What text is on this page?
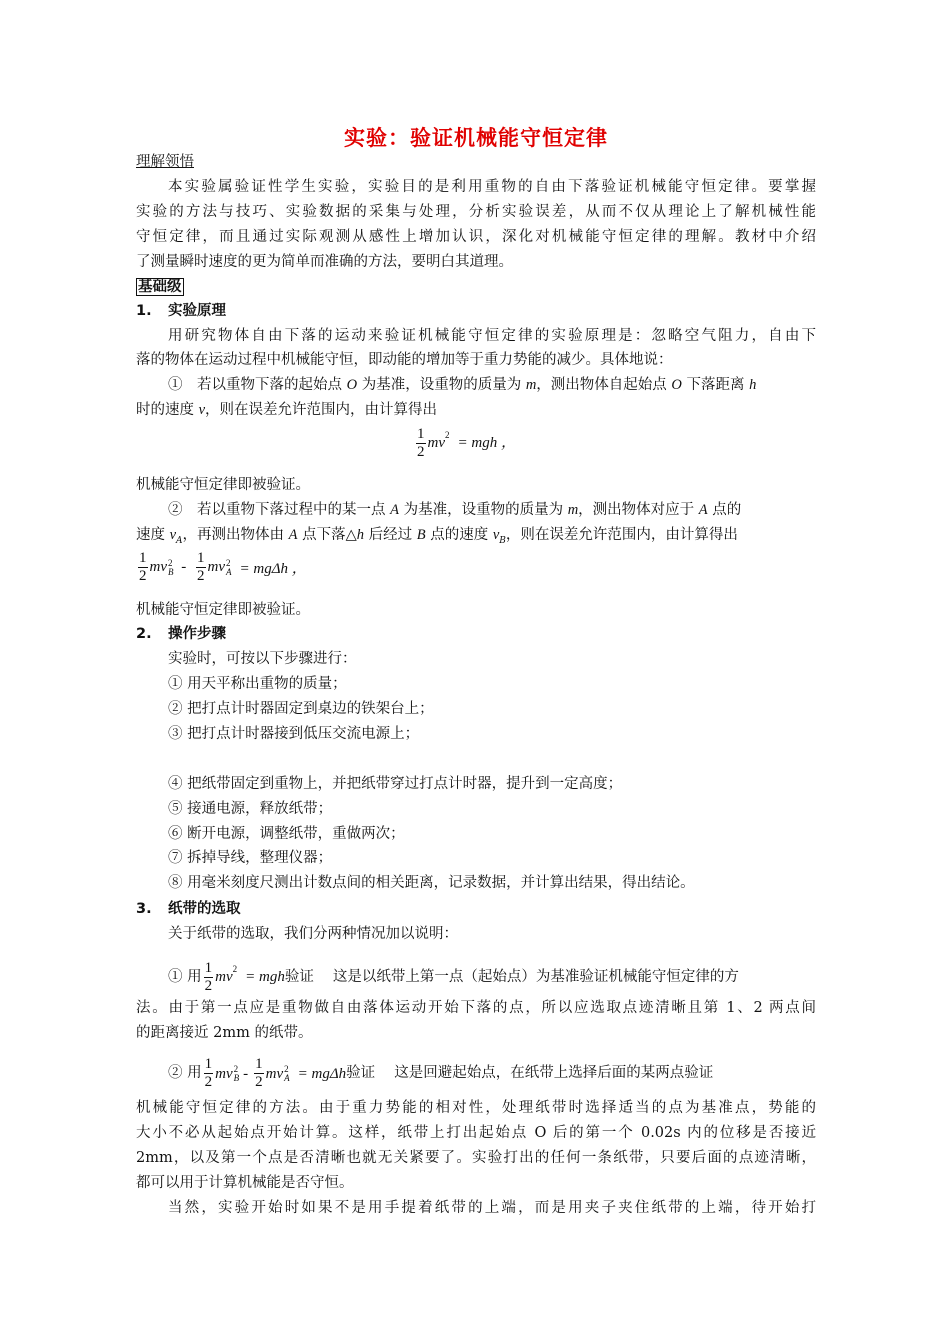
实验：验证机械能守恒定律
理解领悟
本实验属验证性学生实验，实验目的是利用重物的自由下落验证机械能守恒定律。要掌握
实验的方法与技巧、实验数据的采集与处理，分析实验误差，从而不仅从理论上了解机械性能
守恒定律，而且通过实际观测从感性上增加认识，深化对机械能守恒定律的理解。教材中介绍
了测量瞬时速度的更为简单而准确的方法，要明白其道理。
基础级
1. 实验原理
用研究物体自由下落的运动来验证机械能守恒定律的实验原理是：忽略空气阻力，自由下
落的物体在运动过程中机械能守恒，即动能的增加等于重力势能的减少。具体地说：
①　若以重物下落的起始点 O 为基准，设重物的质量为 m，测出物体自起始点 O 下落距离 h
时的速度 v，则在误差允许范围内，由计算得出
$\frac{1}{2} mv^2$ = mgh ，
机械能守恒定律即被验证。
②　若以重物下落过程中的某一点 A 为基准，设重物的质量为 m，测出物体对应于 A 点的
速度 $v_A$，再测出物体由 A 点下落△h 后经过 B 点的速度 $v_B$，则在误差允许范围内，由计算得出
$\frac{1}{2}$ mv 2
B - $\frac{1}{2}$ mv 2
A = mgΔh ，
机械能守恒定律即被验证。
2. 操作步骤
实验时，可按以下步骤进行：
① 用天平称出重物的质量；
② 把打点计时器固定到桌边的铁架台上；
③ 把打点计时器接到低压交流电源上；
④ 把纸带固定到重物上，并把纸带穿过打点计时器，提升到一定高度；
⑤ 接通电源，释放纸带；
⑥ 断开电源，调整纸带，重做两次；
⑦ 拆掉导线，整理仪器；
⑧ 用毫米刻度尺测出计数点间的相关距离，记录数据，并计算出结果，得出结论。
3. 纸带的选取
关于纸带的选取，我们分两种情况加以说明：
① 用 $\frac{1}{2} mv^2$ = mgh验证　 这是以纸带上第一点（起始点）为基准验证机械能守恒定律的方
法。由于第一点应是重物做自由落体运动开始下落的点，所以应选取点迹清晰且第 1、2 两点间
的距离接近 2mm 的纸带。
② 用 $\frac{1}{2}$ mv 2
B - $\frac{1}{2}$ mv 2
A = mgΔh验证　 这是回避起始点，在纸带上选择后面的某两点验证
机械能守恒定律的方法。由于重力势能的相对性，处理纸带时选择适当的点为基准点，势能的
大小不必从起始点开始计算。这样，纸带上打出起始点 O 后的第一个 0.02s 内的位移是否接近
2mm，以及第一个点是否清晰也就无关紧要了。实验打出的任何一条纸带，只要后面的点迹清晰，
都可以用于计算机械能是否守恒。
当然，实验开始时如果不是用手提着纸带的上端，而是用夹子夹住纸带的上端，待开始打
